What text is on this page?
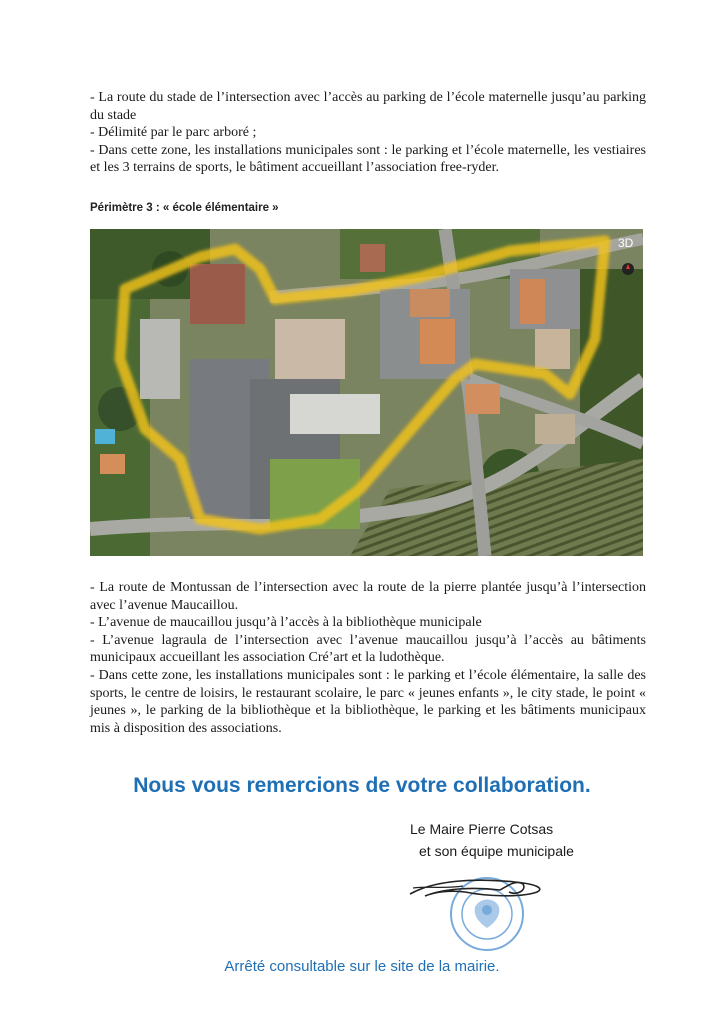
- La route du stade de l’intersection avec l’accès au parking de l’école maternelle jusqu’au parking du stade

- Délimité par le parc arboré ;

- Dans cette zone, les installations municipales sont : le parking et l’école maternelle, les vestiaires et les 3 terrains de sports, le bâtiment accueillant l’association free-ryder.

Périmètre 3 : « école élémentaire »
3D

- La route de Montussan de l’intersection avec la route de la pierre plantée jusqu’à l’intersection avec l’avenue Maucaillou.

- L’avenue de maucaillou jusqu’à l’accès à la bibliothèque municipale

- L’avenue lagraula de l’intersection avec l’avenue maucaillou jusqu’à l’accès au bâtiments municipaux accueillant les association Cré’art et la ludothèque.

- Dans cette zone, les installations municipales sont : le parking et l’école élémentaire, la salle des sports, le centre de loisirs, le restaurant scolaire, le parc « jeunes enfants », le city stade, le point « jeunes », le parking de la bibliothèque et la bibliothèque, le parking et les bâtiments municipaux mis à disposition des associations.

Nous vous remercions de votre collaboration.
Le Maire Pierre Cotsas
et son équipe municipale
Arrêté consultable sur le site de la mairie.
